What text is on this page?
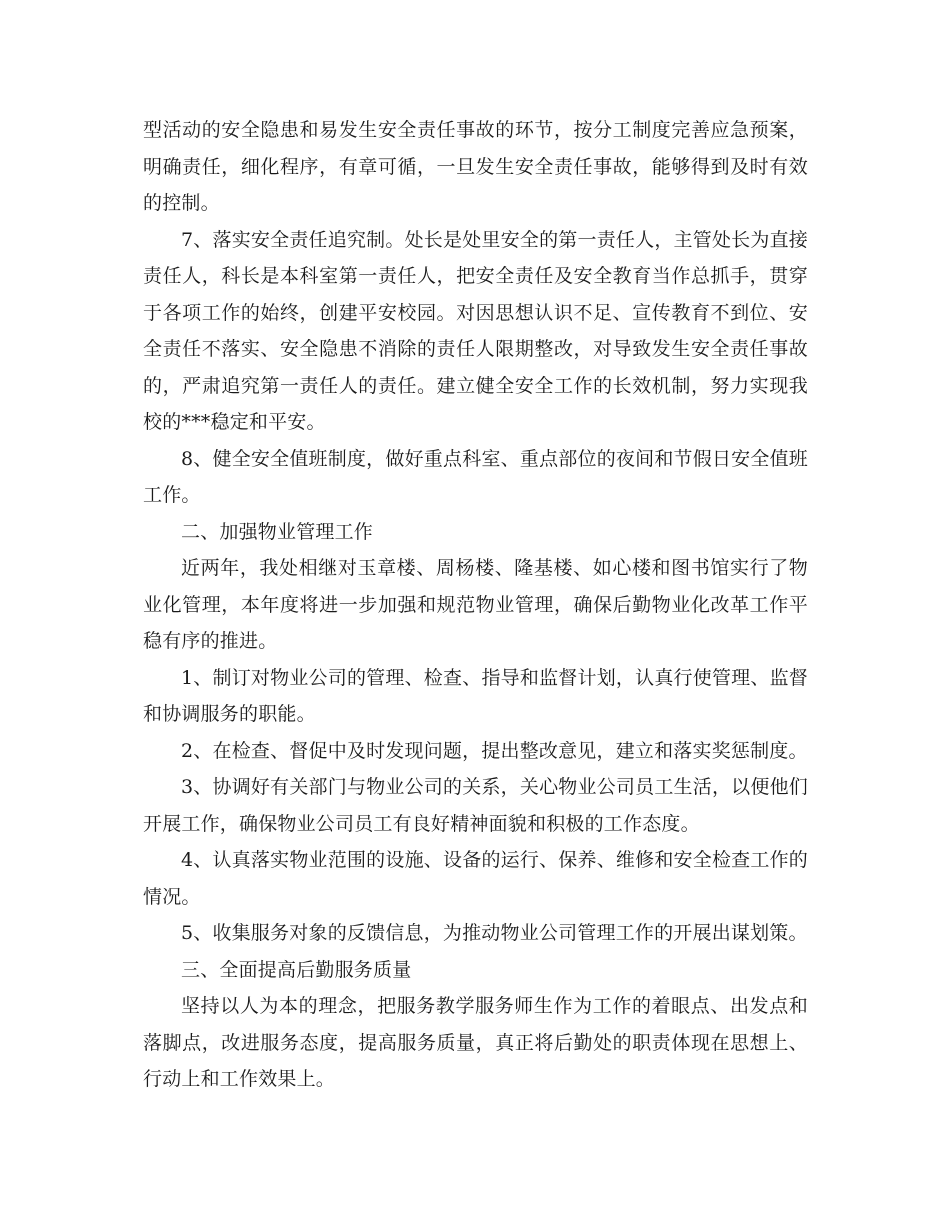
型活动的安全隐患和易发生安全责任事故的环节，按分工制度完善应急预案，明确责任，细化程序，有章可循，一旦发生安全责任事故，能够得到及时有效的控制。

7、落实安全责任追究制。处长是处里安全的第一责任人，主管处长为直接责任人，科长是本科室第一责任人，把安全责任及安全教育当作总抓手，贯穿于各项工作的始终，创建平安校园。对因思想认识不足、宣传教育不到位、安全责任不落实、安全隐患不消除的责任人限期整改，对导致发生安全责任事故的，严肃追究第一责任人的责任。建立健全安全工作的长效机制，努力实现我校的***稳定和平安。

8、健全安全值班制度，做好重点科室、重点部位的夜间和节假日安全值班工作。

二、加强物业管理工作

近两年，我处相继对玉章楼、周杨楼、隆基楼、如心楼和图书馆实行了物业化管理，本年度将进一步加强和规范物业管理，确保后勤物业化改革工作平稳有序的推进。

1、制订对物业公司的管理、检查、指导和监督计划，认真行使管理、监督和协调服务的职能。

2、在检查、督促中及时发现问题，提出整改意见，建立和落实奖惩制度。

3、协调好有关部门与物业公司的关系，关心物业公司员工生活，以便他们开展工作，确保物业公司员工有良好精神面貌和积极的工作态度。

4、认真落实物业范围的设施、设备的运行、保养、维修和安全检查工作的情况。

5、收集服务对象的反馈信息，为推动物业公司管理工作的开展出谋划策。

三、全面提高后勤服务质量

坚持以人为本的理念，把服务教学服务师生作为工作的着眼点、出发点和落脚点，改进服务态度，提高服务质量，真正将后勤处的职责体现在思想上、行动上和工作效果上。
